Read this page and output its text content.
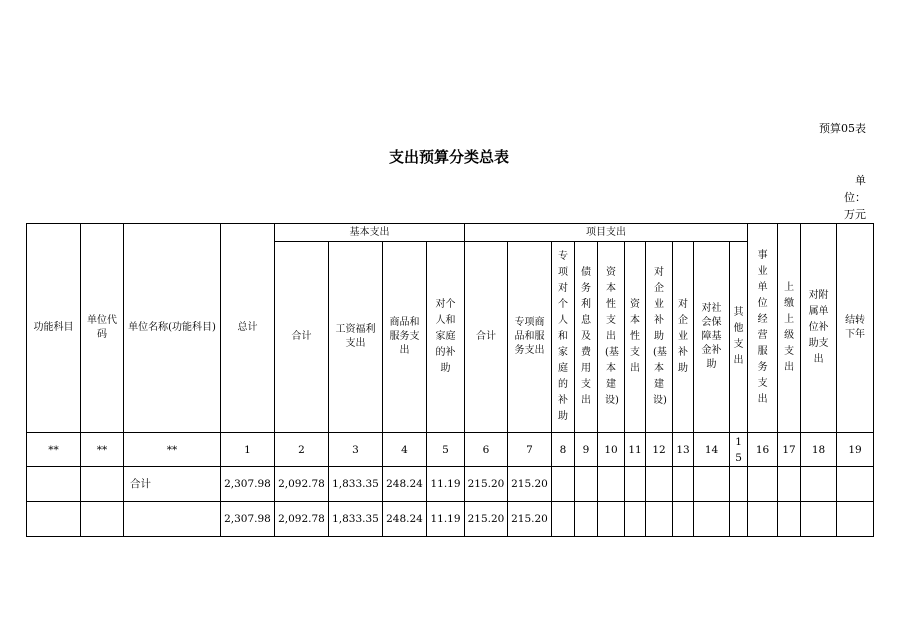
预算05表
支出预算分类总表
单位：万元
功能科目	单位代码	单位名称(功能科目)	总计	基本支出				项目支出										事业单位经营服务支出	上缴上级支出	对附属单位补助支出	结转下年
				合计	工资福利支出	商品和服务支出	对个人和家庭的补助	合计	专项商品和服务支出	专项对个人和家庭的补助	债务利息及费用支出	资本性支出(基本建设)	资本性支出	对企业补助(基本建设)	对企业补助	对社会保障基金补助	其他支出				
**	**	**	1	2	3	4	5	6	7	8	9	10	11	12	13	14	15	16	17	18	19
		合计	2,307.98	2,092.78	1,833.35	248.24	11.19	215.20	215.20												
			2,307.98	2,092.78	1,833.35	248.24	11.19	215.20	215.20												
